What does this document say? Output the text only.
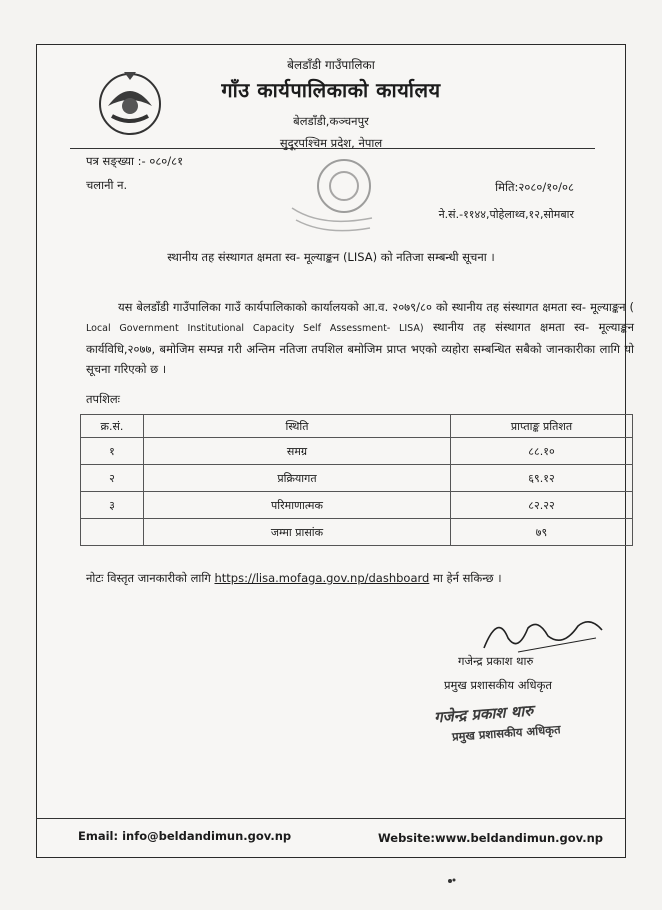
बेलडाँडी गाउँपालिका
गाँउ कार्यपालिकाको कार्यालय
बेलडाँडी,कञ्चनपुर
सुदूरपश्चिम प्रदेश, नेपाल
पत्र सङ्ख्या :- ०८०/८१
चलानी न.	मिति:२०८०/१०/०८
ने.सं.-११४४,पोहेलाथ्व,१२,सोमबार
स्थानीय तह संस्थागत क्षमता स्व- मूल्याङ्कन (LISA) को नतिजा सम्बन्धी सूचना ।
यस बेलडाँडी गाउँपालिका गाउँ कार्यपालिकाको कार्यालयको आ.व. २०७९/८० को स्थानीय तह संस्थागत क्षमता स्व- मूल्याङ्कन ( Local Government Institutional Capacity Self Assessment- LISA) स्थानीय तह संस्थागत क्षमता स्व- मूल्याङ्कन कार्यविधि,२०७७, बमोजिम सम्पन्न गरी अन्तिम नतिजा तपशिल बमोजिम प्राप्त भएको व्यहोरा सम्बन्धित सबैको जानकारीका लागि यो सूचना गरिएको छ ।
तपशिलः
क्र.सं.	स्थिति	प्राप्ताङ्क प्रतिशत
१	समग्र	८८.१०
२	प्रक्रियागत	६९.१२
३	परिमाणात्मक	८२.२२
	जम्मा प्रासांक	७९
नोटः विस्तृत जानकारीको लागि https://lisa.mofaga.gov.np/dashboard मा हेर्न सकिन्छ ।
गजेन्द्र प्रकाश थारु
प्रमुख प्रशासकीय अधिकृत
गजेन्द्र प्रकाश थारु
प्रमुख प्रशासकीय अधिकृत
Email: info@beldandimun.gov.np	Website:www.beldandimun.gov.np
